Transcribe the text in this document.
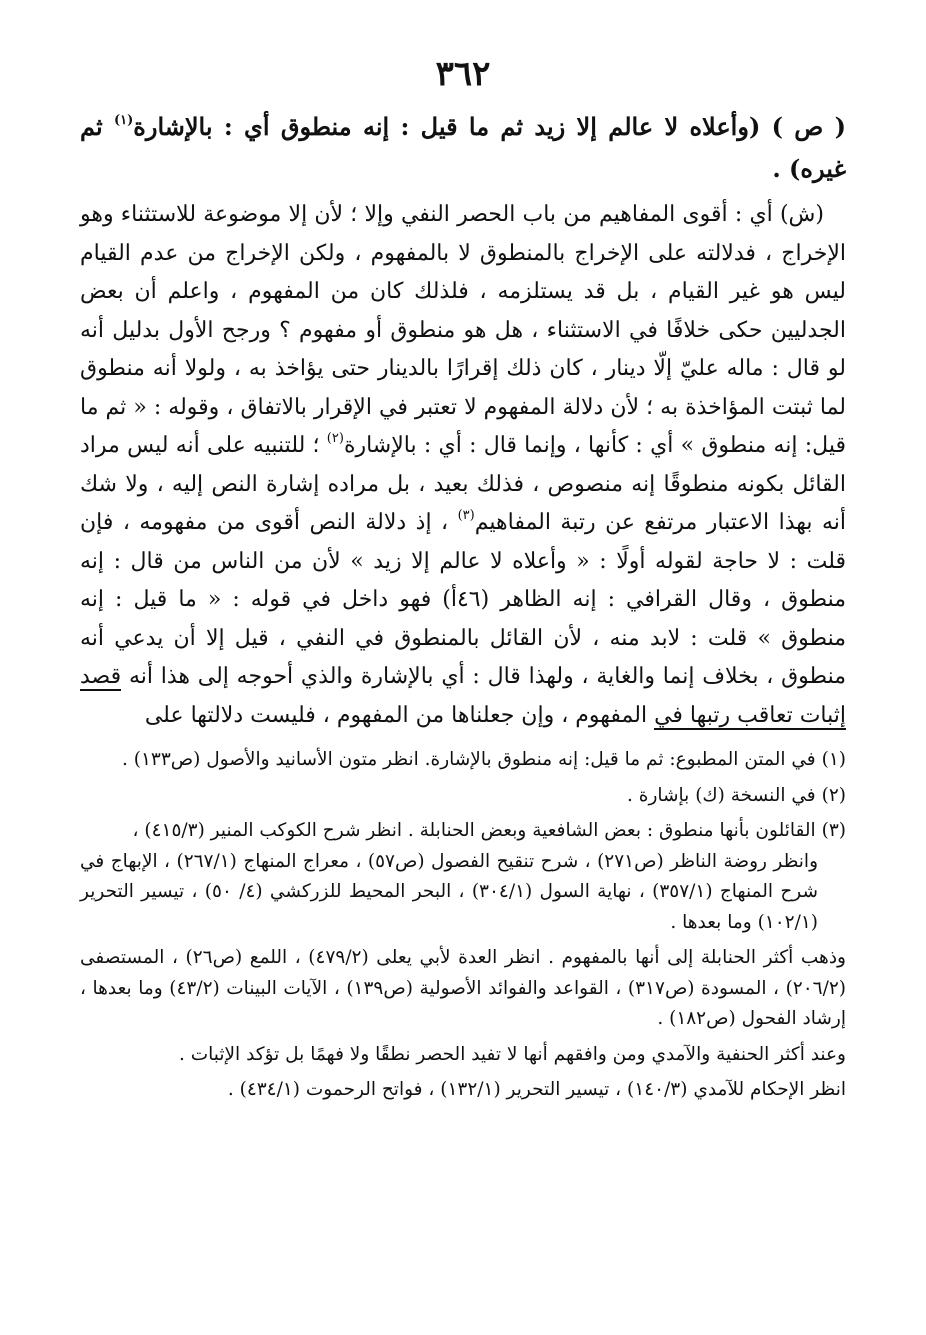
٣٦٢

( ص ) (وأعلاه لا عالم إلا زيد ثم ما قيل : إنه منطوق أي : بالإشارة$^{(١)}$ ثم غيره) .

(ش) أي : أقوى المفاهيم من باب الحصر النفي وإلا ؛ لأن إلا موضوعة للاستثناء وهو الإخراج ، فدلالته على الإخراج بالمنطوق لا بالمفهوم ، ولكن الإخراج من عدم القيام ليس هو غير القيام ، بل قد يستلزمه ، فلذلك كان من المفهوم ، واعلم أن بعض الجدليين حكى خلافًا في الاستثناء ، هل هو منطوق أو مفهوم ؟ ورجح الأول بدليل أنه لو قال : ماله عليّ إلّا دينار ، كان ذلك إقرارًا بالدينار حتى يؤاخذ به ، ولولا أنه منطوق لما ثبتت المؤاخذة به ؛ لأن دلالة المفهوم لا تعتبر في الإقرار بالاتفاق ، وقوله : « ثم ما قيل: إنه منطوق » أي : كأنها ، وإنما قال : أي : بالإشارة$^{(٢)}$ ؛ للتنبيه على أنه ليس مراد القائل بكونه منطوقًا إنه منصوص ، فذلك بعيد ، بل مراده إشارة النص إليه ، ولا شك أنه بهذا الاعتبار مرتفع عن رتبة المفاهيم$^{(٣)}$ ، إذ دلالة النص أقوى من مفهومه ، فإن قلت : لا حاجة لقوله أولًا : « وأعلاه لا عالم إلا زيد » لأن من الناس من قال : إنه منطوق ، وقال القرافي : إنه الظاهر (٤٦أ) فهو داخل في قوله : « ما قيل : إنه منطوق » قلت : لابد منه ، لأن القائل بالمنطوق في النفي ، قيل إلا أن يدعي أنه منطوق ، بخلاف إنما والغاية ، ولهذا قال : أي بالإشارة والذي أحوجه إلى هذا أنه قصد إثبات تعاقب رتبها في المفهوم ، وإن جعلناها من المفهوم ، فليست دلالتها على

(١)في المتن المطبوع: ثم ما قيل: إنه منطوق بالإشارة. انظر متون الأسانيد والأصول (ص١٣٣) .
(٢)في النسخة (ك) بإشارة .
(٣)القائلون بأنها منطوق : بعض الشافعية وبعض الحنابلة . انظر شرح الكوكب المنير (٤١٥/٣) ،
وانظر روضة الناظر (ص٢٧١) ، شرح تنقيح الفصول (ص٥٧) ، معراج المنهاج (٢٦٧/١) ، الإبهاج في شرح المنهاج (٣٥٧/١) ، نهاية السول (٣٠٤/١) ، البحر المحيط للزركشي (٤/ ٥٠) ، تيسير التحرير (١٠٢/١) وما بعدها .
وذهب أكثر الحنابلة إلى أنها بالمفهوم . انظر العدة لأبي يعلى (٤٧٩/٢) ، اللمع (ص٢٦) ، المستصفى (٢٠٦/٢) ، المسودة (ص٣١٧) ، القواعد والفوائد الأصولية (ص١٣٩) ، الآيات البينات (٤٣/٢) وما بعدها ، إرشاد الفحول (ص١٨٢) .
وعند أكثر الحنفية والآمدي ومن وافقهم أنها لا تفيد الحصر نطقًا ولا فهمًا بل تؤكد الإثبات .
انظر الإحكام للآمدي (١٤٠/٣) ، تيسير التحرير (١٣٢/١) ، فواتح الرحموت (٤٣٤/١) .
